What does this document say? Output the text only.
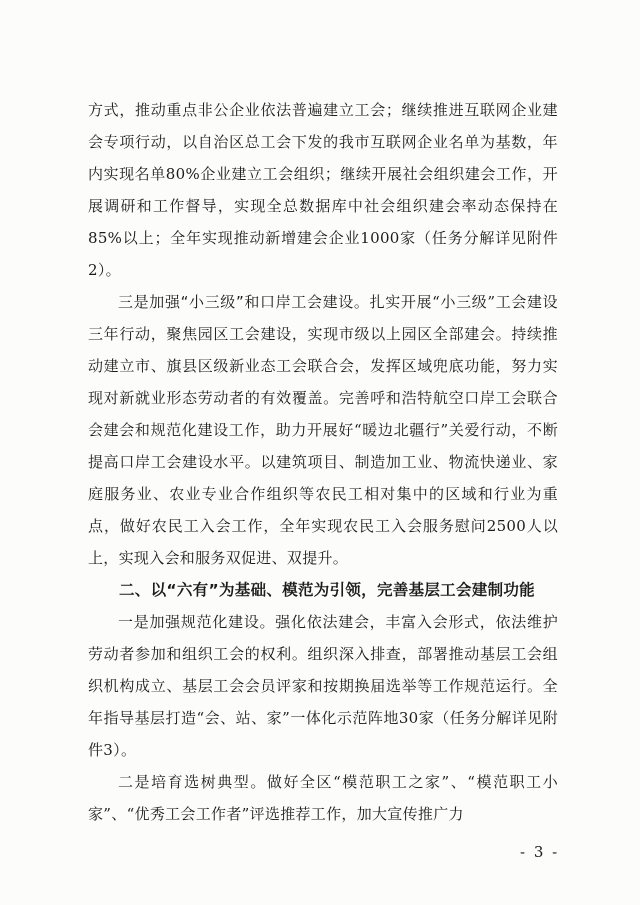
方式，推动重点非公企业依法普遍建立工会；继续推进互联网企业建会专项行动，以自治区总工会下发的我市互联网企业名单为基数，年内实现名单80%企业建立工会组织；继续开展社会组织建会工作，开展调研和工作督导，实现全总数据库中社会组织建会率动态保持在85%以上；全年实现推动新增建会企业1000家（任务分解详见附件2）。

三是加强“小三级”和口岸工会建设。扎实开展“小三级”工会建设三年行动，聚焦园区工会建设，实现市级以上园区全部建会。持续推动建立市、旗县区级新业态工会联合会，发挥区域兜底功能，努力实现对新就业形态劳动者的有效覆盖。完善呼和浩特航空口岸工会联合会建会和规范化建设工作，助力开展好“暖边北疆行”关爱行动，不断提高口岸工会建设水平。以建筑项目、制造加工业、物流快递业、家庭服务业、农业专业合作组织等农民工相对集中的区域和行业为重点，做好农民工入会工作，全年实现农民工入会服务慰问2500人以上，实现入会和服务双促进、双提升。

二、以“六有”为基础、模范为引领，完善基层工会建制功能

一是加强规范化建设。强化依法建会，丰富入会形式，依法维护劳动者参加和组织工会的权利。组织深入排查，部署推动基层工会组织机构成立、基层工会会员评家和按期换届选举等工作规范运行。全年指导基层打造“会、站、家”一体化示范阵地30家（任务分解详见附件3）。

二是培育选树典型。做好全区“模范职工之家”、“模范职工小家”、“优秀工会工作者”评选推荐工作，加大宣传推广力

- 3 -
